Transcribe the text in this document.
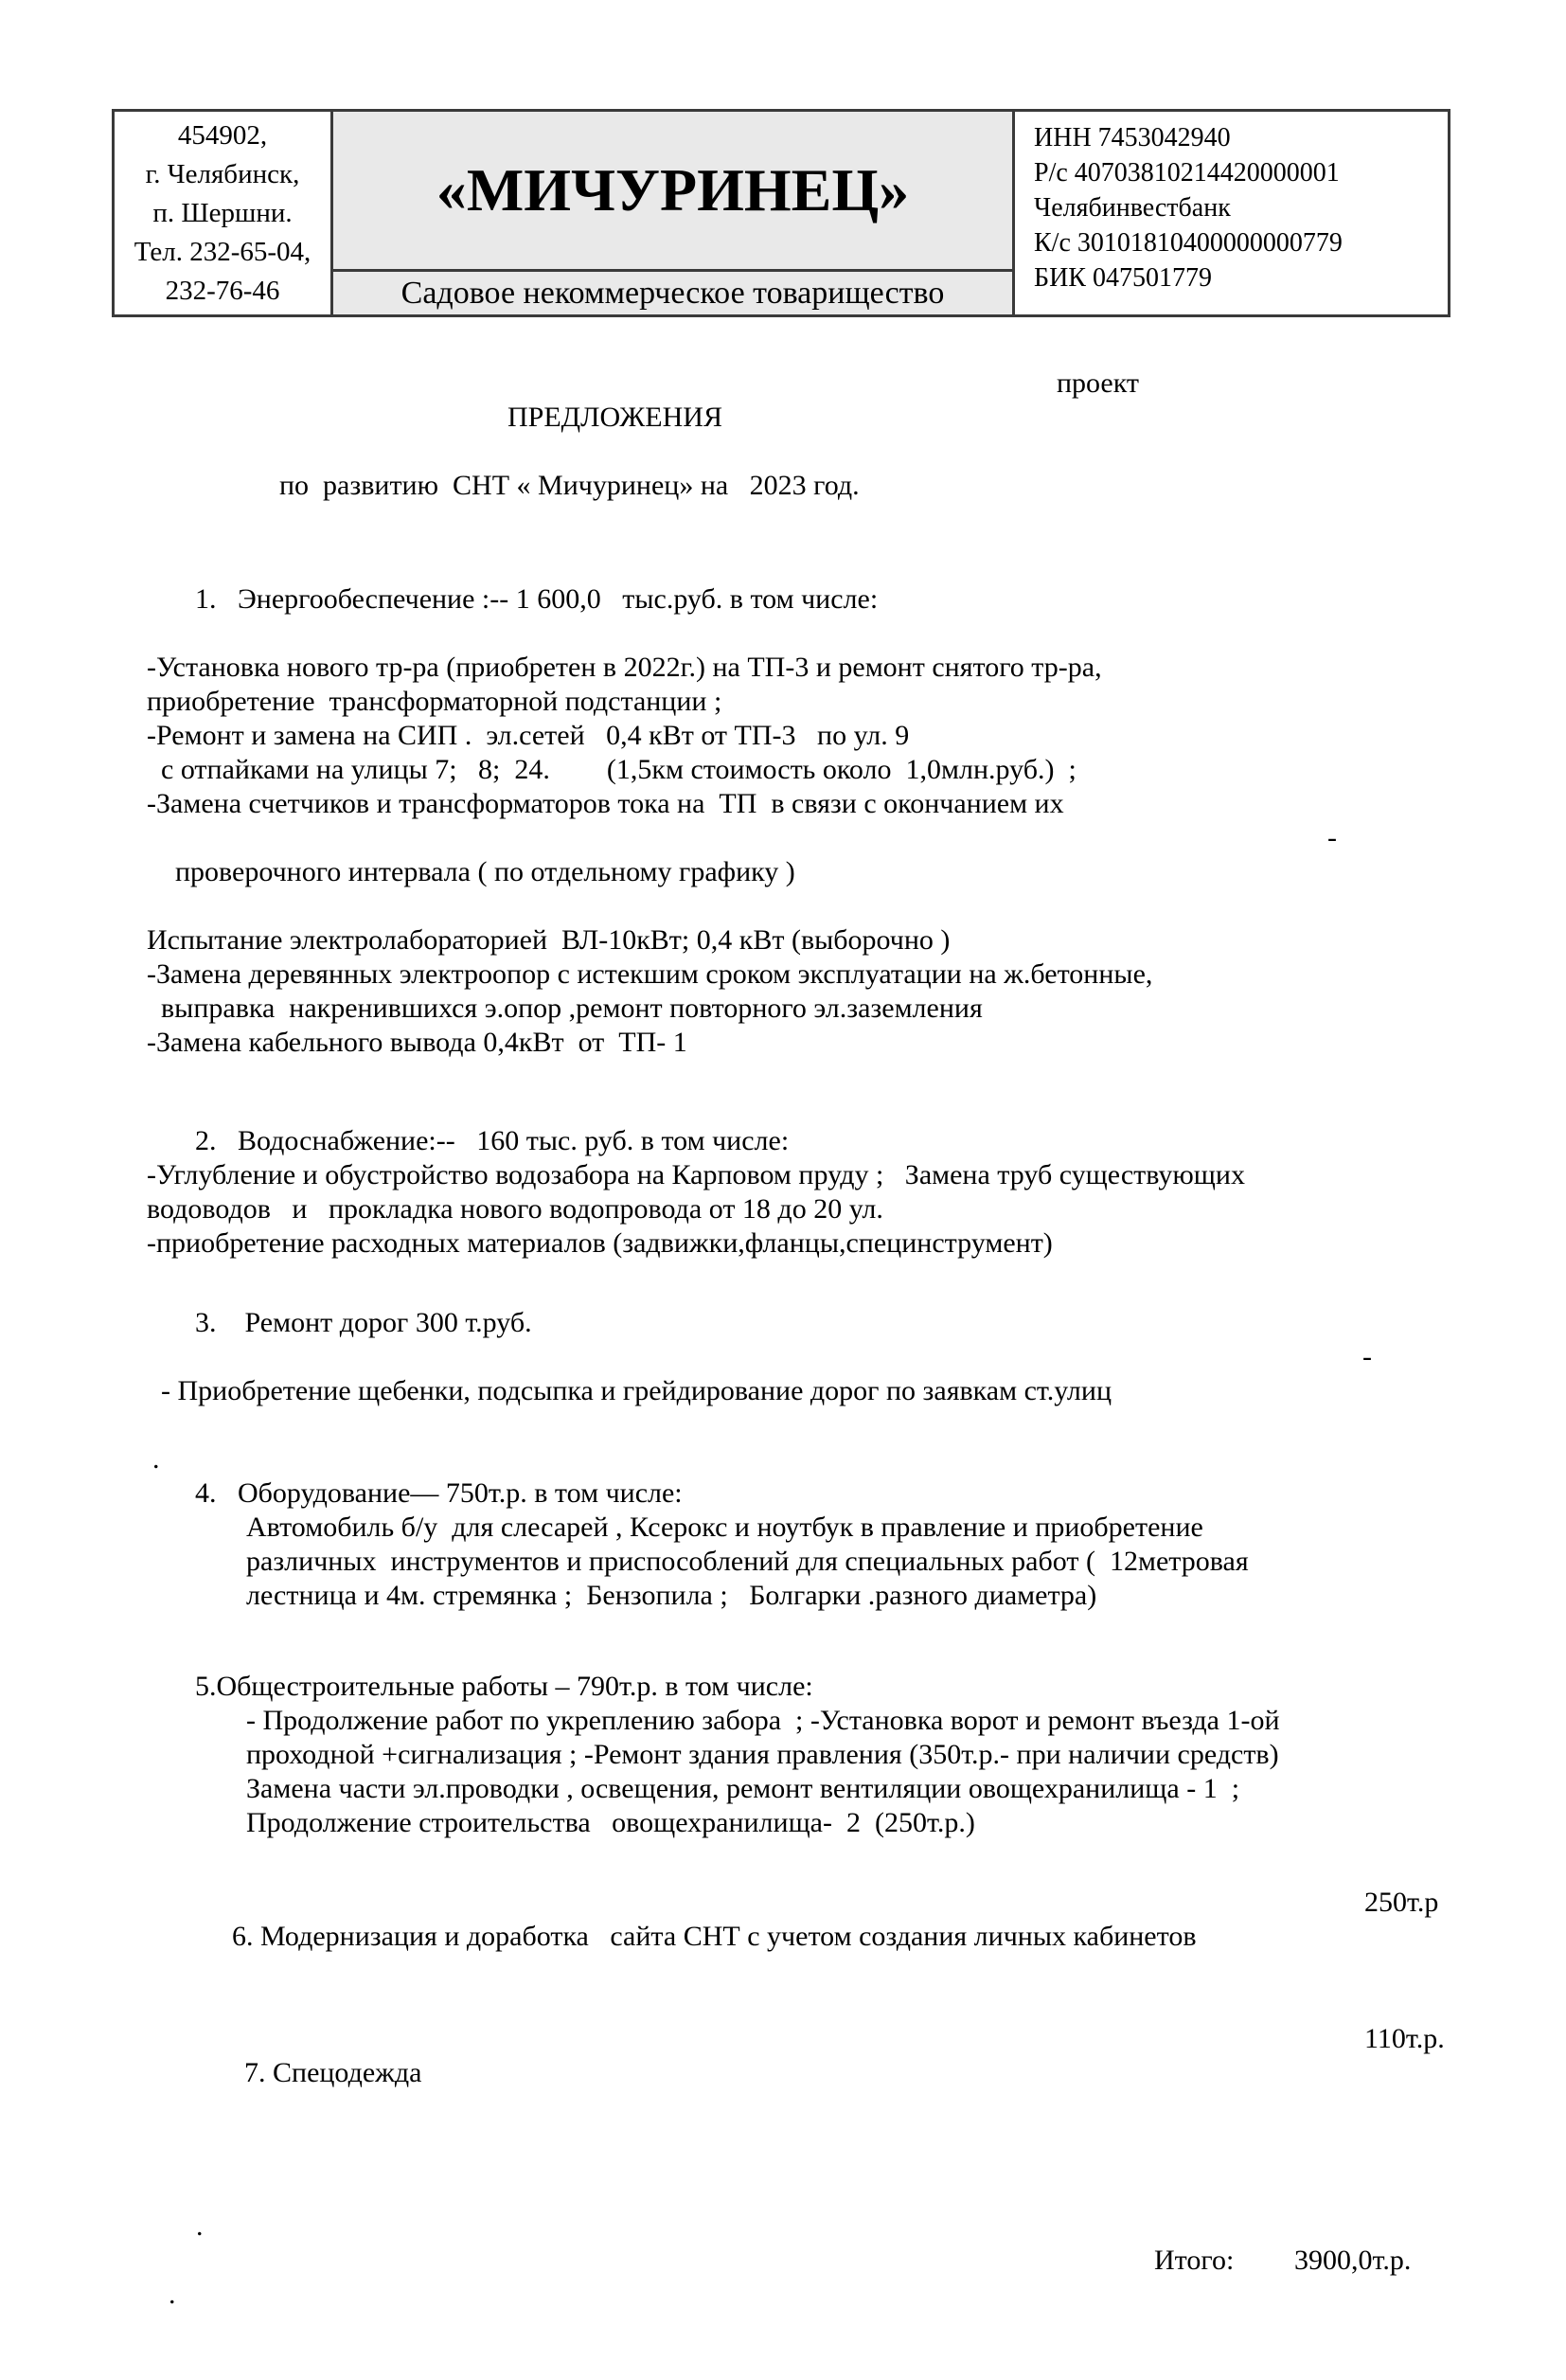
454902,
г. Челябинск,
п. Шершни.
Тел. 232-65-04,
232-76-46
«МИЧУРИНЕЦ»
Садовое некоммерческое товарищество
ИНН 7453042940
Р/с 40703810214420000001
Челябинвестбанк
К/с 30101810400000000779
БИК 047501779

ПРЕДЛОЖЕНИЯ

проект

по  развитию  СНТ « Мичуринец» на   2023 год.
1.   Энергообеспечение :-- 1 600,0   тыс.руб. в том числе:
-Установка нового тр-ра (приобретен в 2022г.) на ТП-3 и ремонт снятого тр-ра,
приобретение  трансформаторной подстанции ;
-Ремонт и замена на СИП .  эл.сетей   0,4 кВт от ТП-3   по ул. 9
с отпайками на улицы 7;   8;  24.        (1,5км стоимость около  1,0млн.руб.)  ;
-Замена счетчиков и трансформаторов тока на  ТП  в связи с окончанием их

проверочного интервала ( по отдельному графику )

-

Испытание электролабораторией  ВЛ-10кВт; 0,4 кВт (выборочно )
-Замена деревянных электроопор с истекшим сроком эксплуатации на ж.бетонные,
выправка  накренившихся э.опор ,ремонт повторного эл.заземления
-Замена кабельного вывода 0,4кВт  от  ТП- 1
2.   Водоснабжение:--   160 тыс. руб. в том числе:
-Углубление и обустройство водозабора на Карповом пруду ;   Замена труб существующих
водоводов   и   прокладка нового водопровода от 18 до 20 ул.
-приобретение расходных материалов (задвижки,фланцы,специнструмент)
3.    Ремонт дорог 300 т.руб.

- Приобретение щебенки, подсыпка и грейдирование дорог по заявкам ст.улиц

-

.
4.   Оборудование— 750т.р. в том числе:
Автомобиль б/у  для слесарей , Ксерокс и ноутбук в правление и приобретение
различных  инструментов и приспособлений для специальных работ (  12метровая
лестница и 4м. стремянка ;  Бензопила ;   Болгарки .разного диаметра)
5.Общестроительные работы – 790т.р. в том числе:
- Продолжение работ по укреплению забора  ; -Установка ворот и ремонт въезда 1-ой
проходной +сигнализация ; -Ремонт здания правления (350т.р.- при наличии средств)
Замена части эл.проводки , освещения, ремонт вентиляции овощехранилища - 1  ;
Продолжение строительства   овощехранилища-  2  (250т.р.)

6. Модернизация и доработка   сайта СНТ с учетом создания личных кабинетов

250т.р

7. Спецодежда

110т.р.

.

.

Итого:

3900,0т.р.
